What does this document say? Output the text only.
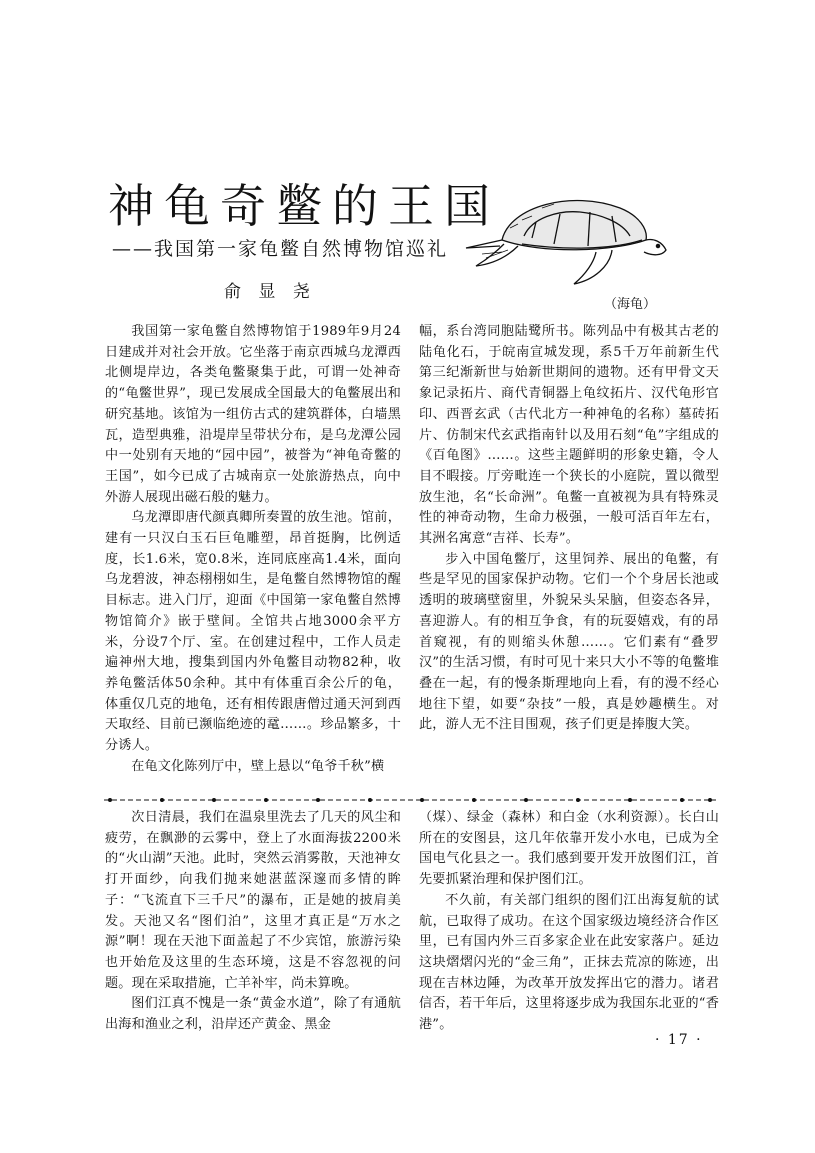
神龟奇鳖的王国
——我国第一家龟鳖自然博物馆巡礼
俞 显 尧
（海龟）

我国第一家龟鳖自然博物馆于1989年9月24日建成并对社会开放。它坐落于南京西城乌龙潭西北侧堤岸边，各类龟鳖聚集于此，可谓一处神奇的“龟鳖世界”，现已发展成全国最大的龟鳖展出和研究基地。该馆为一组仿古式的建筑群体，白墙黑瓦，造型典雅，沿堤岸呈带状分布，是乌龙潭公园中一处别有天地的“园中园”，被誉为“神龟奇鳖的王国”，如今已成了古城南京一处旅游热点，向中外游人展现出磁石般的魅力。

乌龙潭即唐代颜真卿所奏置的放生池。馆前，建有一只汉白玉石巨龟雕塑，昂首挺胸，比例适度，长1.6米，宽0.8米，连同底座高1.4米，面向乌龙碧波，神态栩栩如生，是龟鳖自然博物馆的醒目标志。进入门厅，迎面《中国第一家龟鳖自然博物馆简介》嵌于壁间。全馆共占地3000余平方米，分设7个厅、室。在创建过程中，工作人员走遍神州大地，搜集到国内外龟鳖目动物82种，收养龟鳖活体50余种。其中有体重百余公斤的龟，体重仅几克的地龟，还有相传跟唐僧过通天河到西天取经、目前已濒临绝迹的鼋……。珍品繁多，十分诱人。

在龟文化陈列厅中，壁上悬以“龟爷千秋”横

幅，系台湾同胞陆鹭所书。陈列品中有极其古老的陆龟化石，于皖南宣城发现，系5千万年前新生代第三纪渐新世与始新世期间的遗物。还有甲骨文天象记录拓片、商代青铜器上龟纹拓片、汉代龟形官印、西晋玄武（古代北方一种神龟的名称）墓砖拓片、仿制宋代玄武指南针以及用石刻“龟”字组成的《百龟图》……。这些主题鲜明的形象史籍，令人目不暇接。厅旁毗连一个狭长的小庭院，置以微型放生池，名“长命洲”。龟鳖一直被视为具有特殊灵性的神奇动物，生命力极强，一般可活百年左右，其洲名寓意“吉祥、长寿”。

步入中国龟鳖厅，这里饲养、展出的龟鳖，有些是罕见的国家保护动物。它们一个个身居长池或透明的玻璃壁窗里，外貌呆头呆脑，但姿态各异，喜迎游人。有的相互争食，有的玩耍嬉戏，有的昂首窥视，有的则缩头休憩……。它们素有“叠罗汉”的生活习惯，有时可见十来只大小不等的龟鳖堆叠在一起，有的慢条斯理地向上看，有的漫不经心地往下望，如要“杂技”一般，真是妙趣横生。对此，游人无不注目围观，孩子们更是捧腹大笑。

次日清晨，我们在温泉里洗去了几天的风尘和疲劳，在飘渺的云雾中，登上了水面海拔2200米的“火山湖”天池。此时，突然云消雾散，天池神女打开面纱，向我们抛来她湛蓝深邃而多情的眸子：“飞流直下三千尺”的瀑布，正是她的披肩美发。天池又名“图们泊”，这里才真正是“万水之源”啊！现在天池下面盖起了不少宾馆，旅游污染也开始危及这里的生态环境，这是不容忽视的问题。现在采取措施，亡羊补牢，尚未算晚。

图们江真不愧是一条“黄金水道”，除了有通航出海和渔业之利，沿岸还产黄金、黑金

（煤）、绿金（森林）和白金（水利资源）。长白山所在的安图县，这几年依靠开发小水电，已成为全国电气化县之一。我们感到要开发开放图们江，首先要抓紧治理和保护图们江。

不久前，有关部门组织的图们江出海复航的试航，已取得了成功。在这个国家级边境经济合作区里，已有国内外三百多家企业在此安家落户。延边这块熠熠闪光的“金三角”，正抹去荒凉的陈迹，出现在吉林边陲，为改革开放发挥出它的潜力。诸君信否，若干年后，这里将逐步成为我国东北亚的“香港”。

· 17 ·
